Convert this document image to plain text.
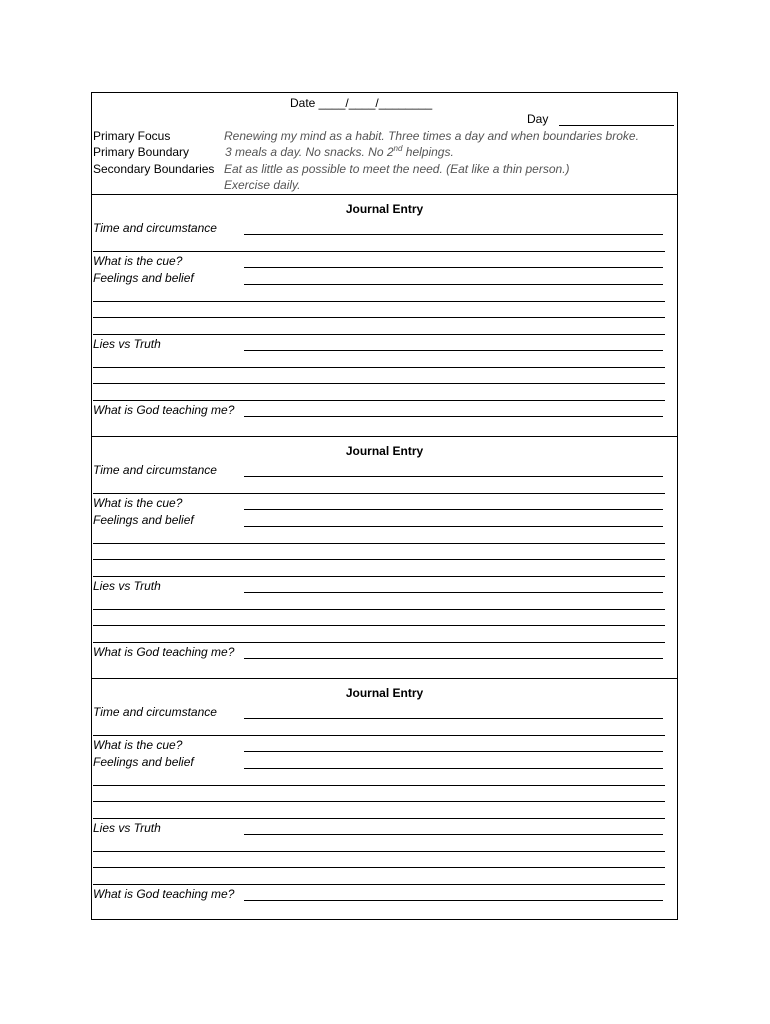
Date ____/____/________
Day
Primary Focus	Renewing my mind as a habit. Three times a day and when boundaries broke.
Primary Boundary	3 meals a day. No snacks. No 2nd helpings.
Secondary Boundaries Eat as little as possible to meet the need. (Eat like a thin person.)
Exercise daily.
Journal Entry
Time and circumstance
What is the cue?
Feelings and belief
Lies vs Truth
What is God teaching me?
Journal Entry
Time and circumstance
What is the cue?
Feelings and belief
Lies vs Truth
What is God teaching me?
Journal Entry
Time and circumstance
What is the cue?
Feelings and belief
Lies vs Truth
What is God teaching me?
